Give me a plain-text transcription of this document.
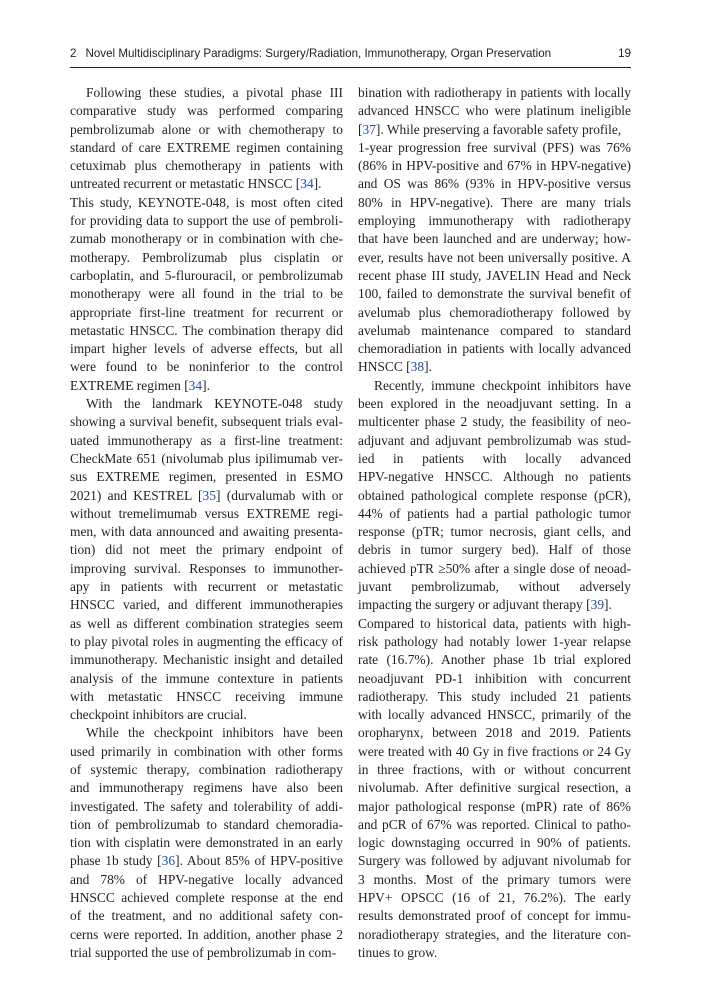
2 Novel Multidisciplinary Paradigms: Surgery/Radiation, Immunotherapy, Organ Preservation	19
Following these studies, a pivotal phase III
comparative study was performed comparing
pembrolizumab alone or with chemotherapy to
standard of care EXTREME regimen containing
cetuximab plus chemotherapy in patients with
untreated recurrent or metastatic HNSCC [34].
This study, KEYNOTE-048, is most often cited
for providing data to support the use of pembroli-
zumab monotherapy or in combination with che-
motherapy. Pembrolizumab plus cisplatin or
carboplatin, and 5-flurouracil, or pembrolizumab
monotherapy were all found in the trial to be
appropriate first-line treatment for recurrent or
metastatic HNSCC. The combination therapy did
impart higher levels of adverse effects, but all
were found to be noninferior to the control
EXTREME regimen [34].
With the landmark KEYNOTE-048 study
showing a survival benefit, subsequent trials eval-
uated immunotherapy as a first-line treatment:
CheckMate 651 (nivolumab plus ipilimumab ver-
sus EXTREME regimen, presented in ESMO
2021) and KESTREL [35] (durvalumab with or
without tremelimumab versus EXTREME regi-
men, with data announced and awaiting presenta-
tion) did not meet the primary endpoint of
improving survival. Responses to immunother-
apy in patients with recurrent or metastatic
HNSCC varied, and different immunotherapies
as well as different combination strategies seem
to play pivotal roles in augmenting the efficacy of
immunotherapy. Mechanistic insight and detailed
analysis of the immune contexture in patients
with metastatic HNSCC receiving immune
checkpoint inhibitors are crucial.
While the checkpoint inhibitors have been
used primarily in combination with other forms
of systemic therapy, combination radiotherapy
and immunotherapy regimens have also been
investigated. The safety and tolerability of addi-
tion of pembrolizumab to standard chemoradia-
tion with cisplatin were demonstrated in an early
phase 1b study [36]. About 85% of HPV-positive
and 78% of HPV-negative locally advanced
HNSCC achieved complete response at the end
of the treatment, and no additional safety con-
cerns were reported. In addition, another phase 2
trial supported the use of pembrolizumab in com-
bination with radiotherapy in patients with locally
advanced HNSCC who were platinum ineligible
[37]. While preserving a favorable safety profile,
1-year progression free survival (PFS) was 76%
(86% in HPV-positive and 67% in HPV-negative)
and OS was 86% (93% in HPV-positive versus
80% in HPV-negative). There are many trials
employing immunotherapy with radiotherapy
that have been launched and are underway; how-
ever, results have not been universally positive. A
recent phase III study, JAVELIN Head and Neck
100, failed to demonstrate the survival benefit of
avelumab plus chemoradiotherapy followed by
avelumab maintenance compared to standard
chemoradiation in patients with locally advanced
HNSCC [38].
Recently, immune checkpoint inhibitors have
been explored in the neoadjuvant setting. In a
multicenter phase 2 study, the feasibility of neo-
adjuvant and adjuvant pembrolizumab was stud-
ied in patients with locally advanced
HPV-negative HNSCC. Although no patients
obtained pathological complete response (pCR),
44% of patients had a partial pathologic tumor
response (pTR; tumor necrosis, giant cells, and
debris in tumor surgery bed). Half of those
achieved pTR ≥50% after a single dose of neoad-
juvant pembrolizumab, without adversely
impacting the surgery or adjuvant therapy [39].
Compared to historical data, patients with high-
risk pathology had notably lower 1-year relapse
rate (16.7%). Another phase 1b trial explored
neoadjuvant PD-1 inhibition with concurrent
radiotherapy. This study included 21 patients
with locally advanced HNSCC, primarily of the
oropharynx, between 2018 and 2019. Patients
were treated with 40 Gy in five fractions or 24 Gy
in three fractions, with or without concurrent
nivolumab. After definitive surgical resection, a
major pathological response (mPR) rate of 86%
and pCR of 67% was reported. Clinical to patho-
logic downstaging occurred in 90% of patients.
Surgery was followed by adjuvant nivolumab for
3 months. Most of the primary tumors were
HPV+ OPSCC (16 of 21, 76.2%). The early
results demonstrated proof of concept for immu-
noradiotherapy strategies, and the literature con-
tinues to grow.
